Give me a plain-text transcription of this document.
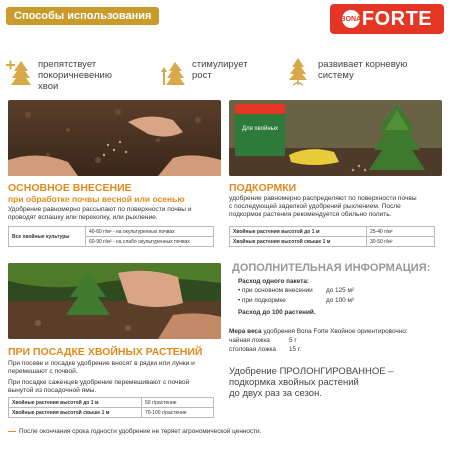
Способы использования	BONA FORTE
препятствует
покоричневению
хвои
стимулирует
рост
развивает корневую
систему
Для хвойных
ОСНОВНОЕ ВНЕСЕНИЕ
при обработке почвы весной или осенью
Удобрение равномерно рассыпают по поверхности почвы и
проводят вспашку или перекопку, или рыхление.
Все хвойные культуры	40-60 г/м² - на окультуренных почвах
60-90 г/м² - на слабо окультуренных почвах
ПОДКОРМКИ
удобрение равномерно распределяют по поверхности почвы
с последующей заделкой удобрений рыхлением. После
подкормок растения рекомендуется обильно полить.
Хвойные растения высотой до 1 м	25-40 г/м²
Хвойные растения высотой свыше 1 м	30-50 г/м²
ПРИ ПОСАДКЕ ХВОЙНЫХ РАСТЕНИЙ
При посеве и посадке удобрение вносят в рядки или лунки и
перемешают с почвой.
При посадке саженцев удобрение перемешивают с почвой
вынутой из посадочной ямы.
Хвойные растения высотой до 1 м	50 г/растение
Хвойные растения высотой свыше 1 м	70-100 г/растение
ДОПОЛНИТЕЛЬНАЯ ИНФОРМАЦИЯ:
Расход одного пакета:
• при основном внесении до 125 м²
• при подкормке	до 100 м²
Расход до 100 растений.
Мера веса удобрения Bona Forte Хвойное ориентировочно:
чайная ложка	5 г
столовая ложка 15 г.
Удобрение ПРОЛОНГИРОВАННОЕ –
подкормка хвойных растений
до двух раз за сезон.
После окончания срока годности удобрение не теряет агрономической ценности.
